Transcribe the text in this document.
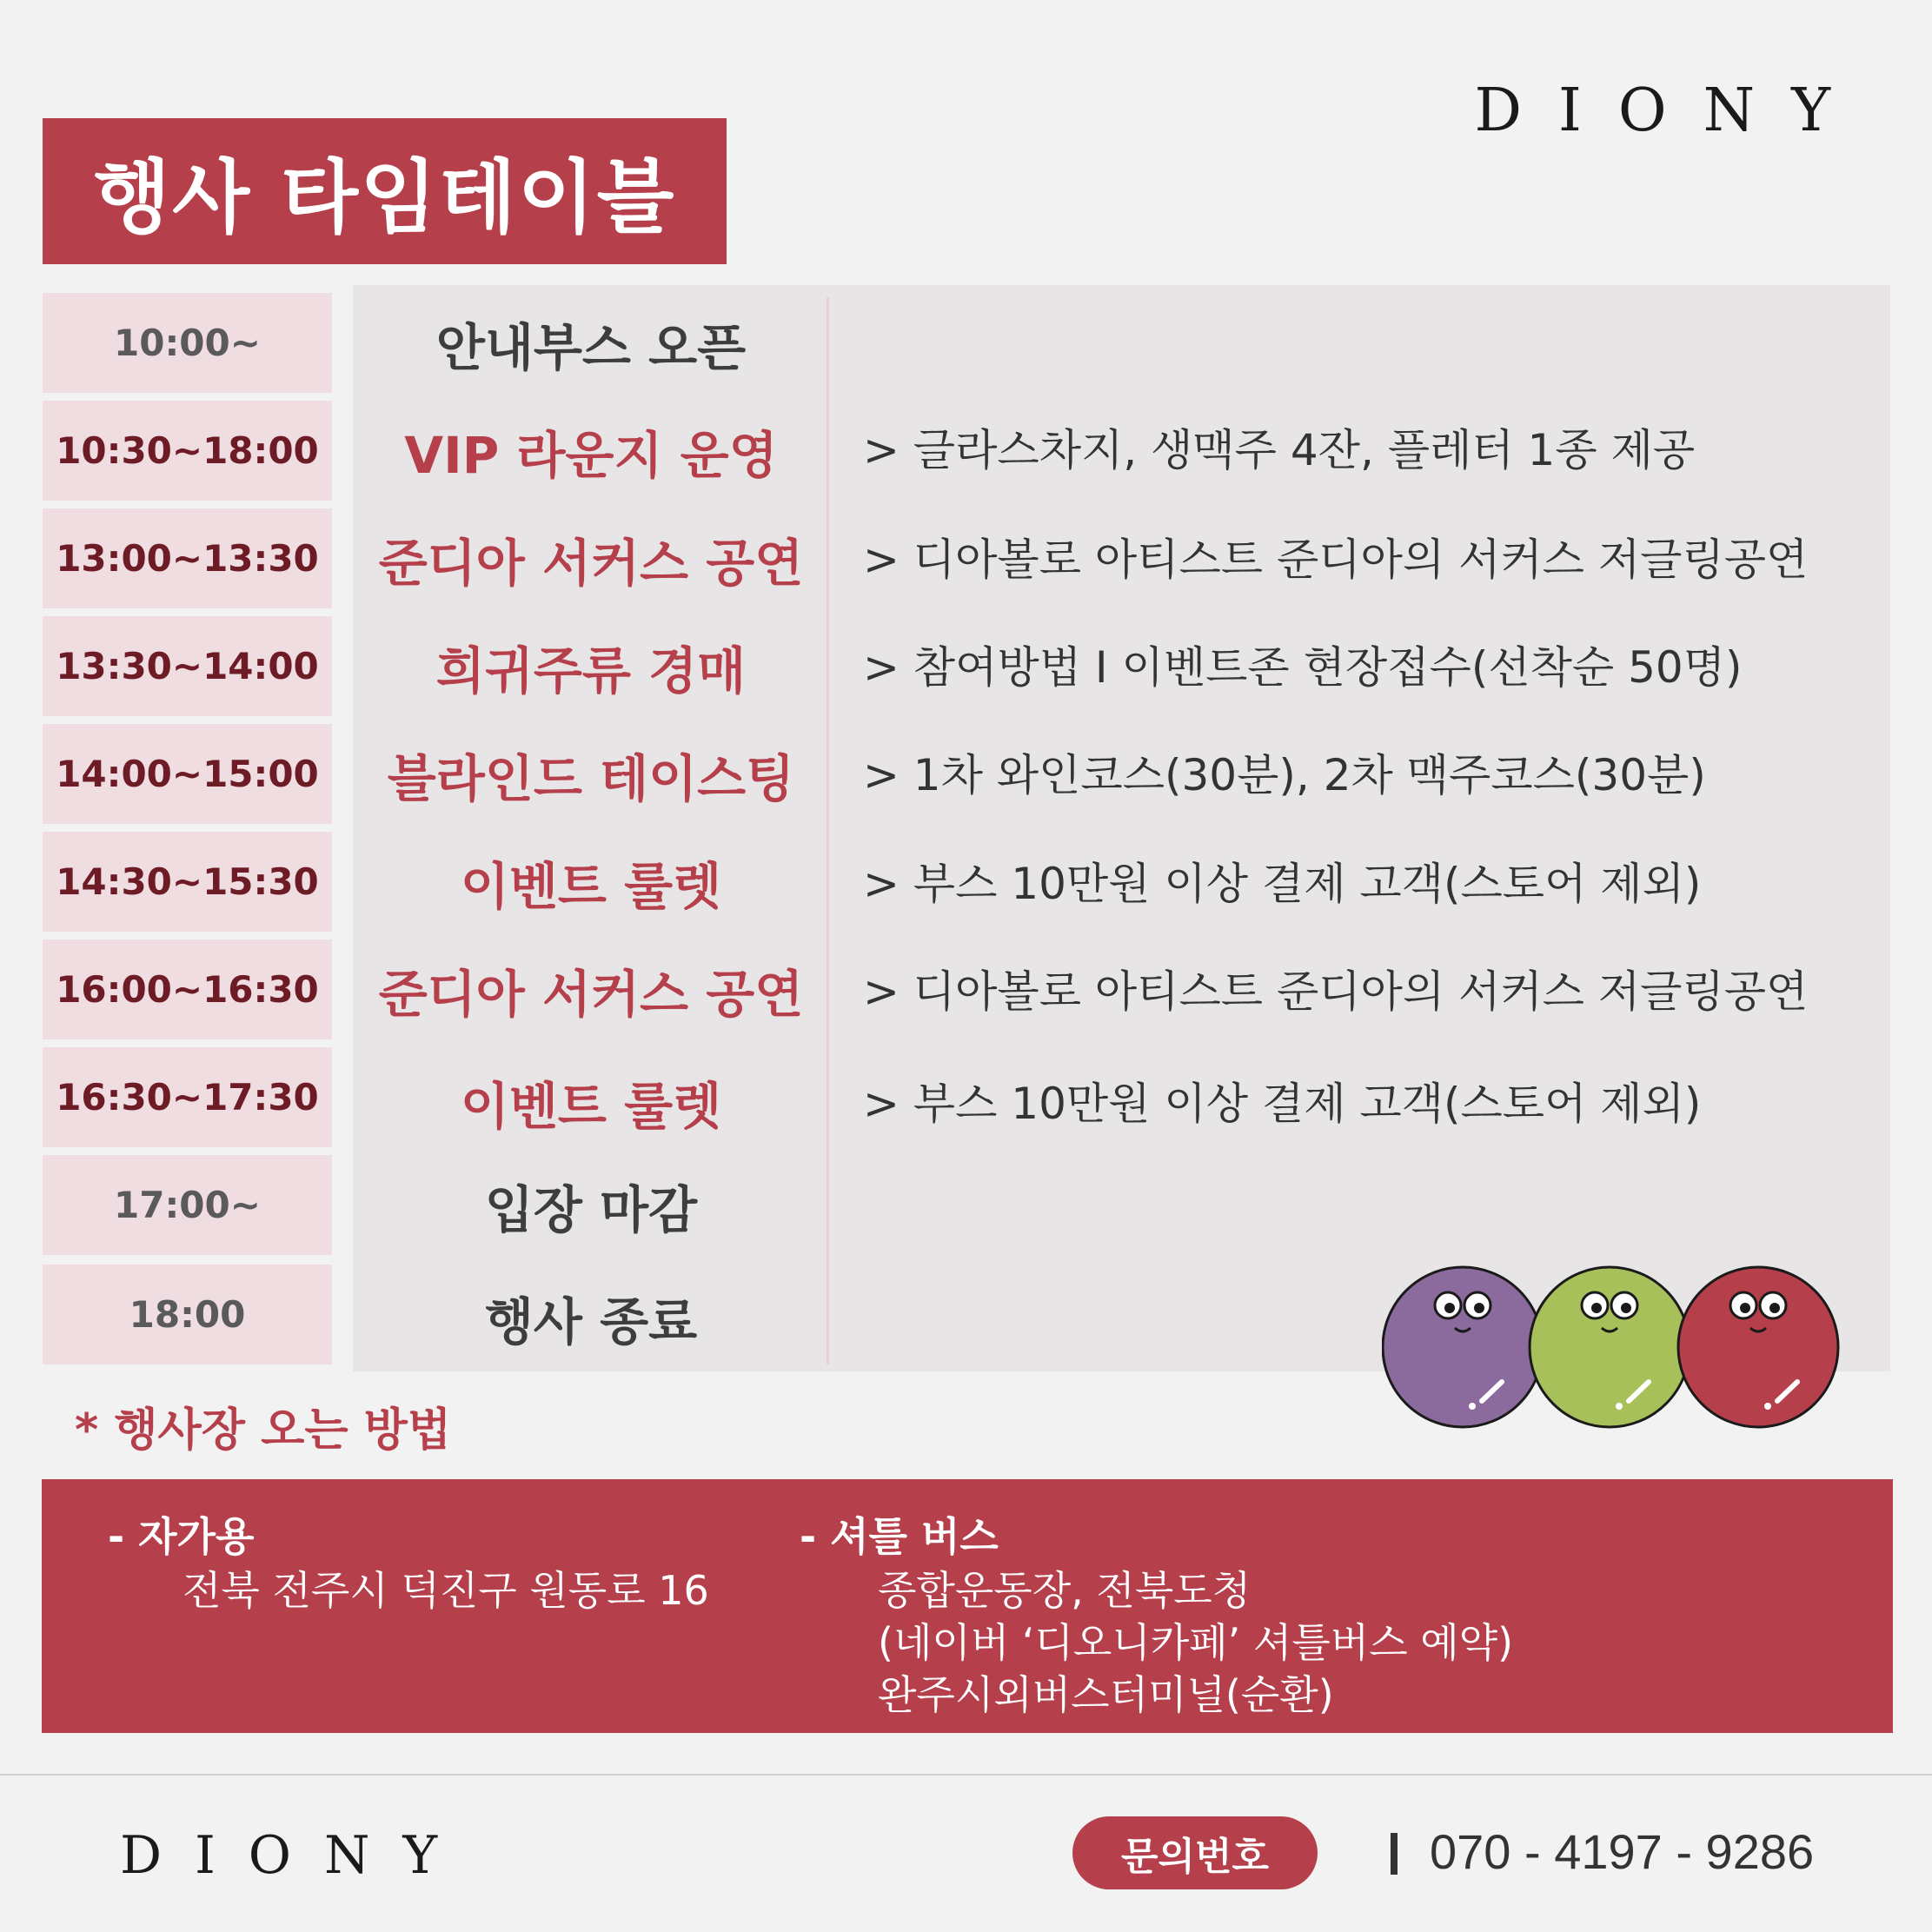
DIONY
행사 타임테이블
10:00~	안내부스 오픈
10:30~18:00	VIP 라운지 운영	> 글라스차지, 생맥주 4잔, 플레터 1종 제공
13:00~13:30	준디아 서커스 공연	> 디아볼로 아티스트 준디아의 서커스 저글링공연
13:30~14:00	희귀주류 경매	> 참여방법 I 이벤트존 현장접수(선착순 50명)
14:00~15:00	블라인드 테이스팅	> 1차 와인코스(30분), 2차 맥주코스(30분)
14:30~15:30	이벤트 룰렛	> 부스 10만원 이상 결제 고객(스토어 제외)
16:00~16:30	준디아 서커스 공연	> 디아볼로 아티스트 준디아의 서커스 저글링공연
16:30~17:30	이벤트 룰렛	> 부스 10만원 이상 결제 고객(스토어 제외)
17:00~	입장 마감
18:00	행사 종료
* 행사장 오는 방법
- 자가용
전북 전주시 덕진구 원동로 16
- 셔틀 버스
종합운동장, 전북도청
(네이버 ‘디오니카페’ 셔틀버스 예약)
완주시외버스터미널(순환)
DIONY	문의번호	070 - 4197 - 9286
